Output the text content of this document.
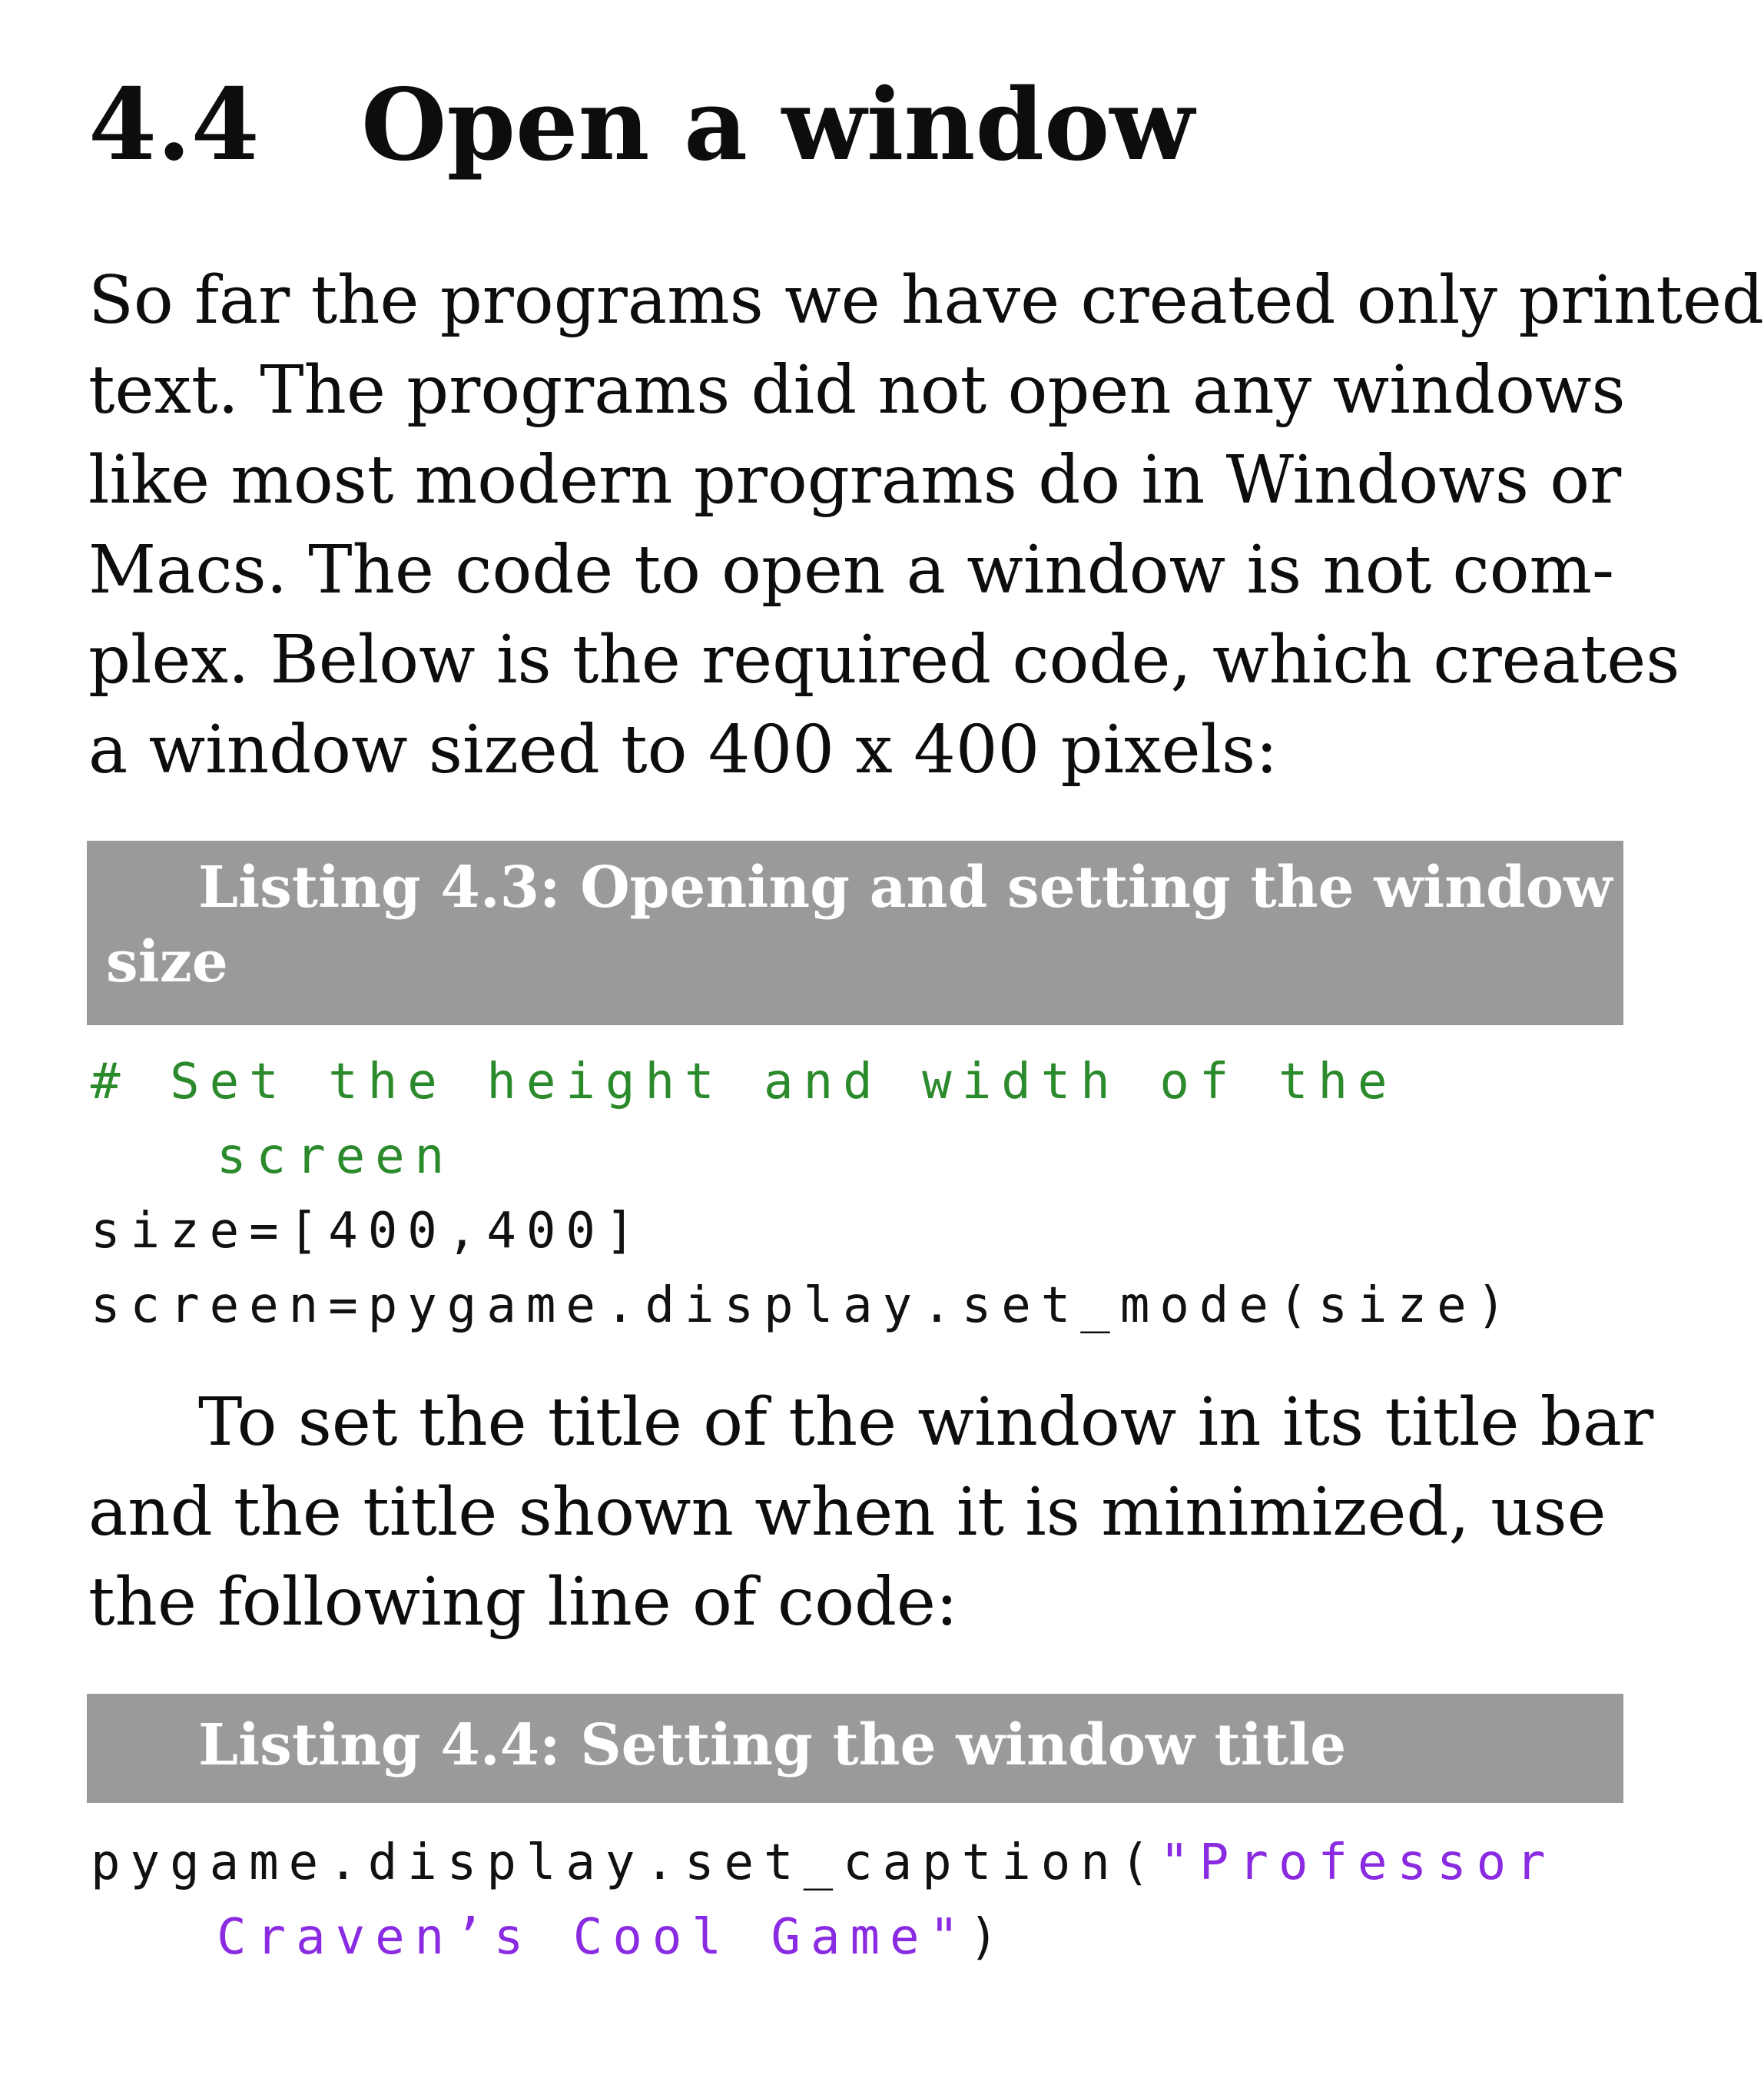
4.4 Open a window

So far the programs we have created only printed
text. The programs did not open any windows
like most modern programs do in Windows or
Macs. The code to open a window is not com-
plex. Below is the required code, which creates
a window sized to 400 x 400 pixels:

Listing 4.3: Opening and setting the window
size
# Set the height and width of the
screen
size=[400,400]
screen=pygame.display.set_mode(size)

To set the title of the window in its title bar
and the title shown when it is minimized, use
the following line of code:

Listing 4.4: Setting the window title
pygame.display.set_caption("Professor
Craven’s Cool Game")
